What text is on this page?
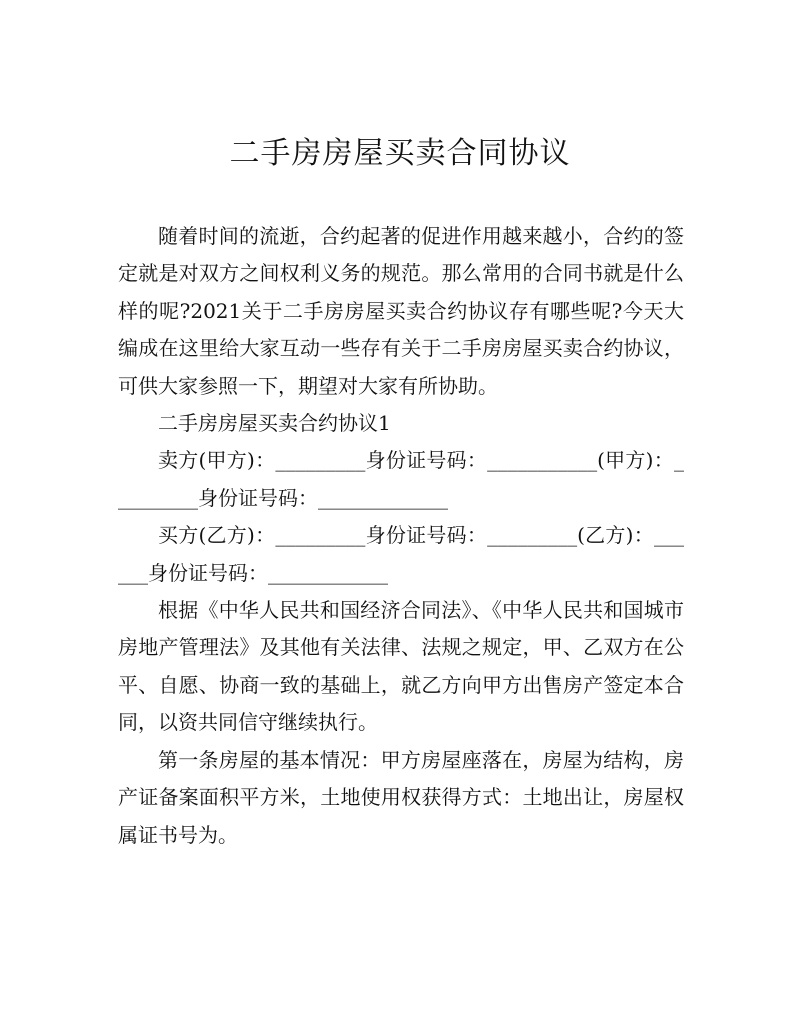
二手房房屋买卖合同协议

随着时间的流逝，合约起著的促进作用越来越小，合约的签定就是对双方之间权利义务的规范。那么常用的合同书就是什么样的呢?2021关于二手房房屋买卖合约协议存有哪些呢?今天大编成在这里给大家互动一些存有关于二手房房屋买卖合约协议，可供大家参照一下，期望对大家有所协助。

二手房房屋买卖合约协议1

卖方(甲方)：_________身份证号码：___________(甲方)：_________身份证号码：_____________

买方(乙方)：_________身份证号码：_________(乙方)：______身份证号码：____________

根据《中华人民共和国经济合同法》、《中华人民共和国城市房地产管理法》及其他有关法律、法规之规定，甲、乙双方在公平、自愿、协商一致的基础上，就乙方向甲方出售房产签定本合同，以资共同信守继续执行。

第一条房屋的基本情况：甲方房屋座落在，房屋为结构，房产证备案面积平方米，土地使用权获得方式：土地出让，房屋权属证书号为。
